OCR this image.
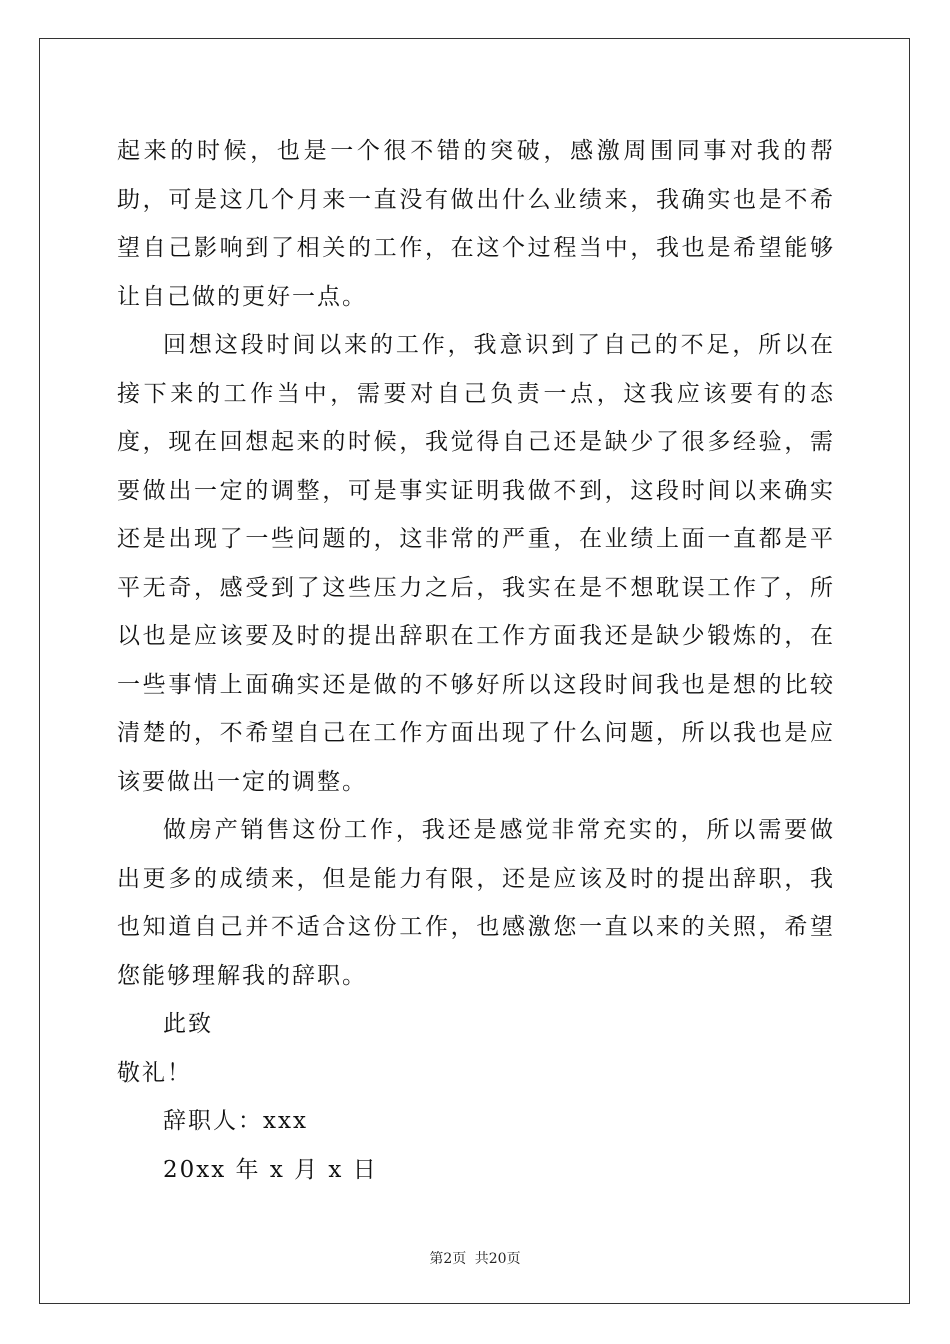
起来的时候，也是一个很不错的突破，感激周围同事对我的帮助，可是这几个月来一直没有做出什么业绩来，我确实也是不希望自己影响到了相关的工作，在这个过程当中，我也是希望能够让自己做的更好一点。

回想这段时间以来的工作，我意识到了自己的不足，所以在接下来的工作当中，需要对自己负责一点，这我应该要有的态度，现在回想起来的时候，我觉得自己还是缺少了很多经验，需要做出一定的调整，可是事实证明我做不到，这段时间以来确实还是出现了一些问题的，这非常的严重，在业绩上面一直都是平平无奇，感受到了这些压力之后，我实在是不想耽误工作了，所以也是应该要及时的提出辞职在工作方面我还是缺少锻炼的，在一些事情上面确实还是做的不够好所以这段时间我也是想的比较清楚的，不希望自己在工作方面出现了什么问题，所以我也是应该要做出一定的调整。

做房产销售这份工作，我还是感觉非常充实的，所以需要做出更多的成绩来，但是能力有限，还是应该及时的提出辞职，我也知道自己并不适合这份工作，也感激您一直以来的关照，希望您能够理解我的辞职。

此致

敬礼！

辞职人：xxx

20xx 年 x 月 x 日

第2页 共20页
